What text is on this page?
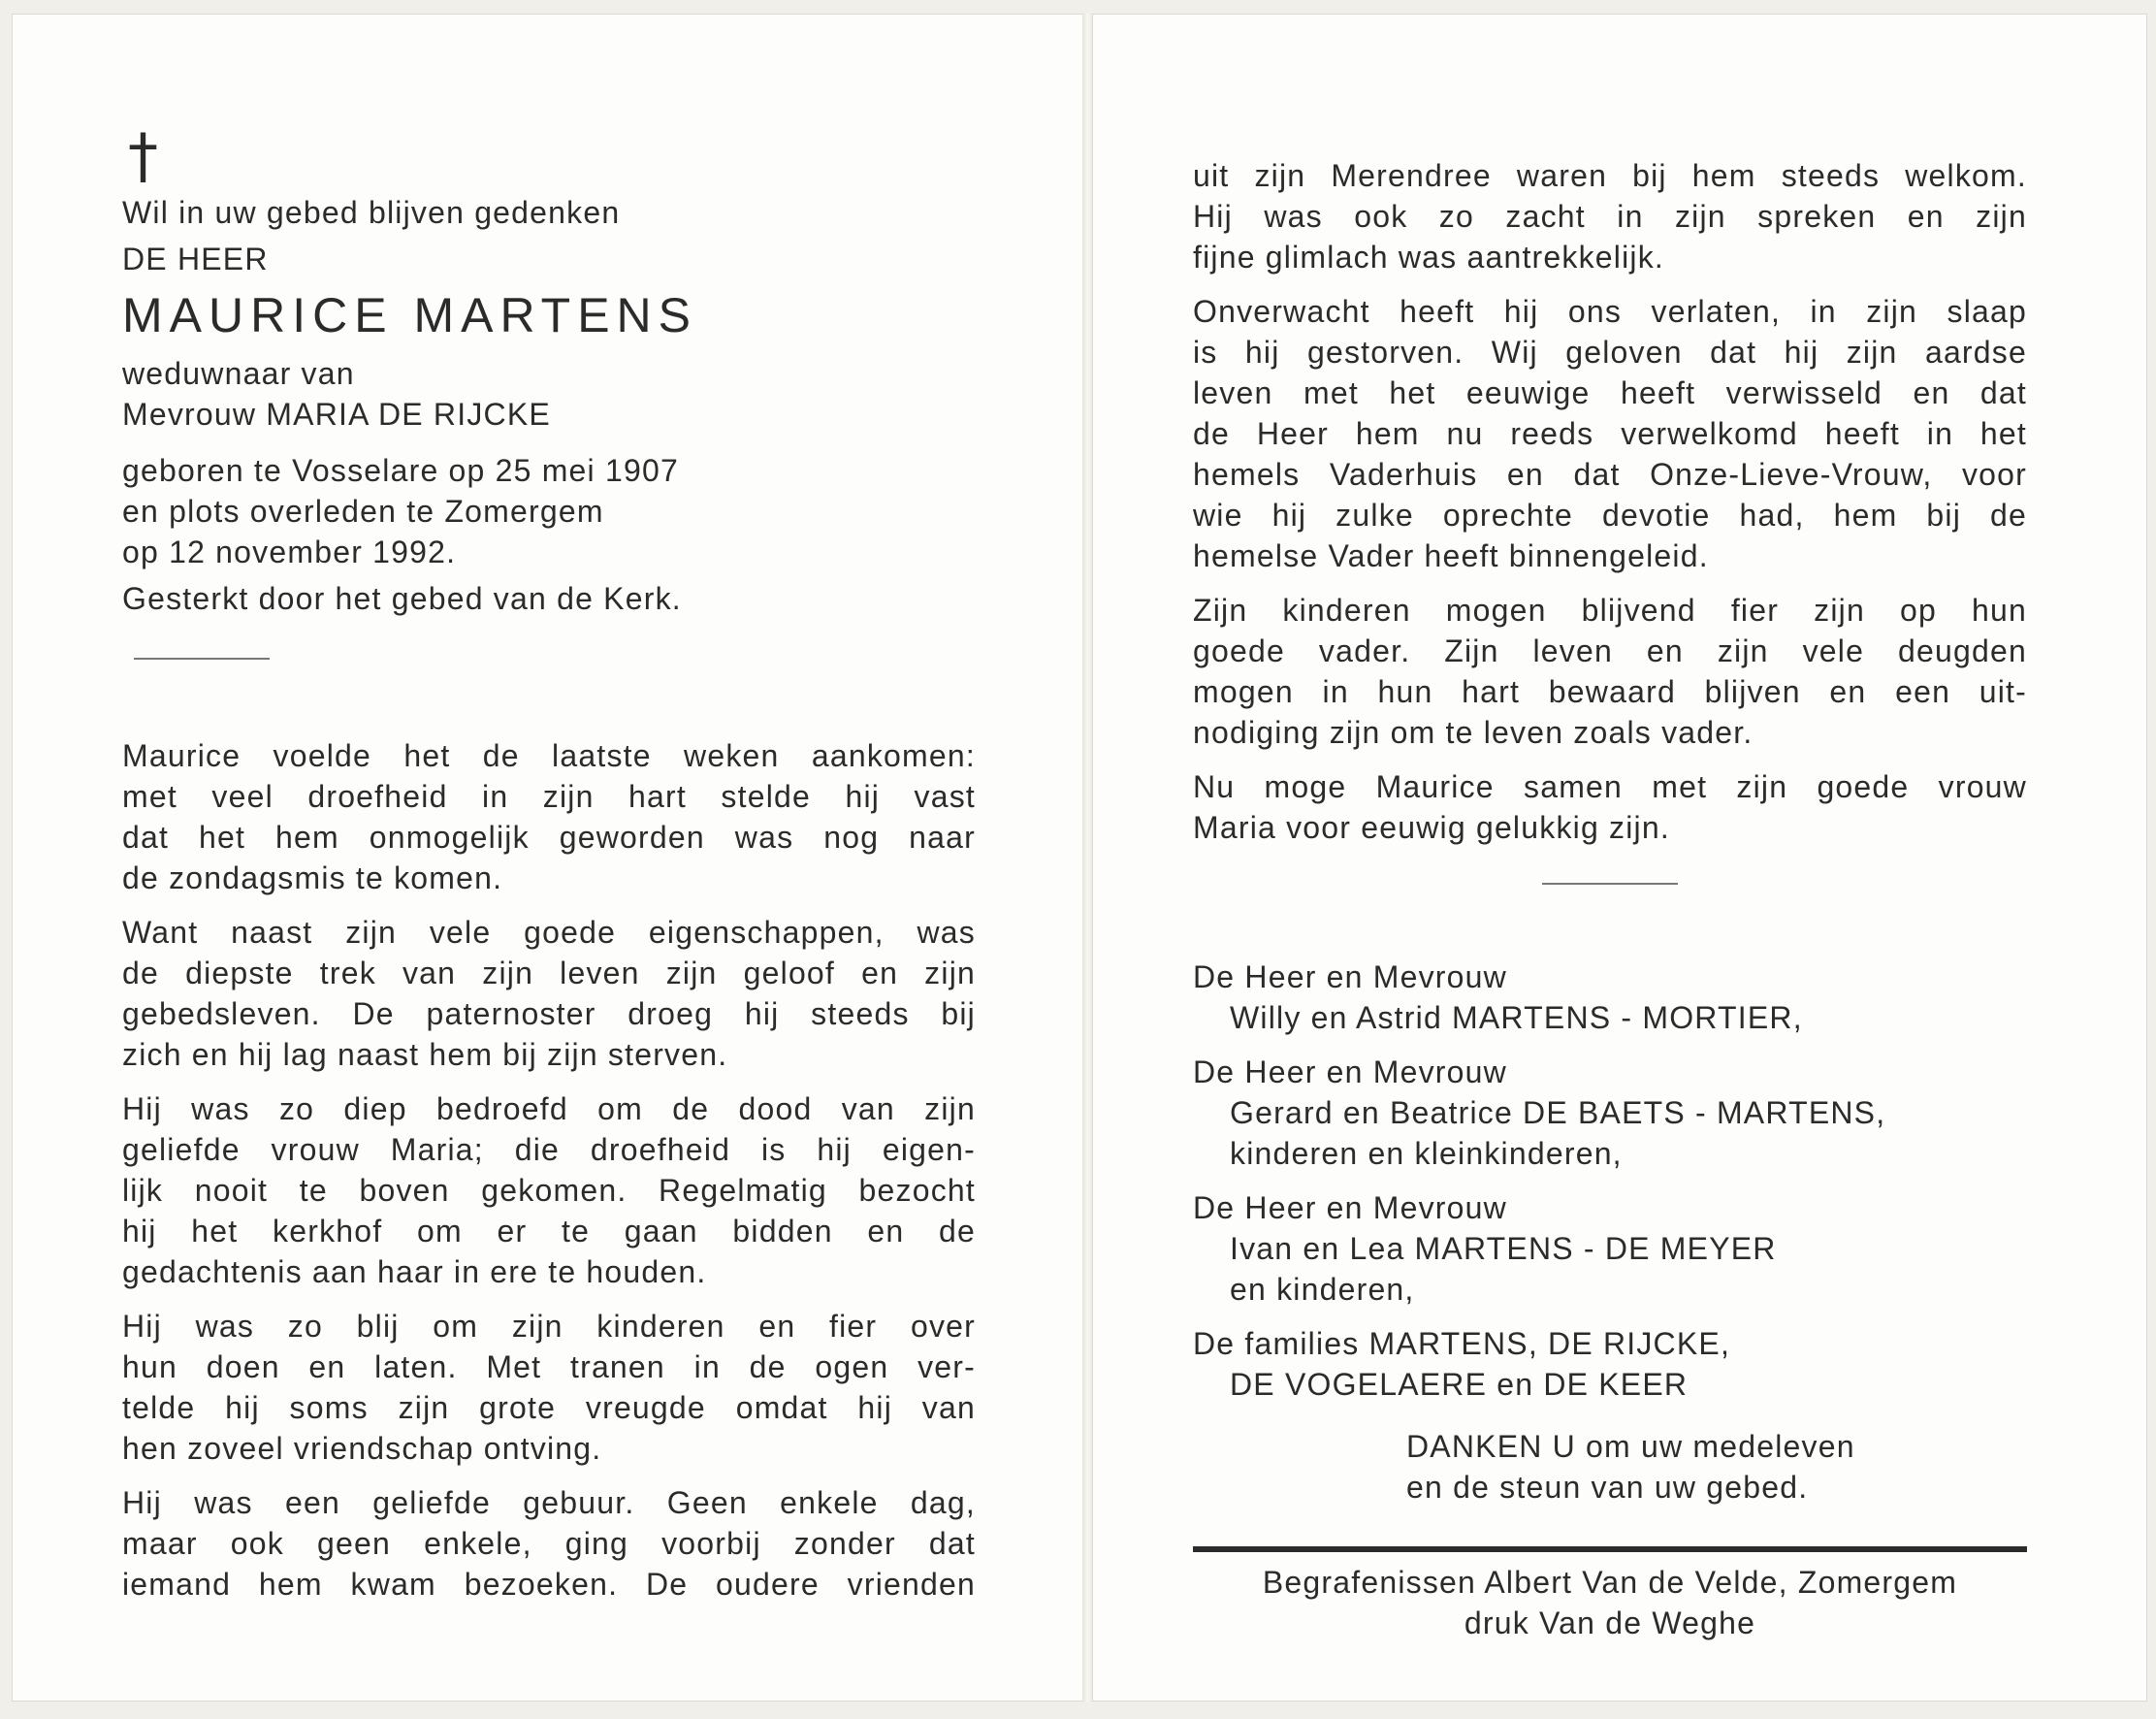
†
Wil in uw gebed blijven gedenken
DE HEER
MAURICE MARTENS
weduwnaar van
Mevrouw MARIA DE RIJCKE
geboren te Vosselare op 25 mei 1907
en plots overleden te Zomergem
op 12 november 1992.
Gesterkt door het gebed van de Kerk.
Maurice voelde het de laatste weken aankomen:
met veel droefheid in zijn hart stelde hij vast
dat het hem onmogelijk geworden was nog naar
de zondagsmis te komen.
Want naast zijn vele goede eigenschappen, was
de diepste trek van zijn leven zijn geloof en zijn
gebedsleven. De paternoster droeg hij steeds bij
zich en hij lag naast hem bij zijn sterven.
Hij was zo diep bedroefd om de dood van zijn
geliefde vrouw Maria; die droefheid is hij eigen-
lijk nooit te boven gekomen. Regelmatig bezocht
hij het kerkhof om er te gaan bidden en de
gedachtenis aan haar in ere te houden.
Hij was zo blij om zijn kinderen en fier over
hun doen en laten. Met tranen in de ogen ver-
telde hij soms zijn grote vreugde omdat hij van
hen zoveel vriendschap ontving.
Hij was een geliefde gebuur. Geen enkele dag,
maar ook geen enkele, ging voorbij zonder dat
iemand hem kwam bezoeken. De oudere vrienden
uit zijn Merendree waren bij hem steeds welkom.
Hij was ook zo zacht in zijn spreken en zijn
fijne glimlach was aantrekkelijk.
Onverwacht heeft hij ons verlaten, in zijn slaap
is hij gestorven. Wij geloven dat hij zijn aardse
leven met het eeuwige heeft verwisseld en dat
de Heer hem nu reeds verwelkomd heeft in het
hemels Vaderhuis en dat Onze-Lieve-Vrouw, voor
wie hij zulke oprechte devotie had, hem bij de
hemelse Vader heeft binnengeleid.
Zijn kinderen mogen blijvend fier zijn op hun
goede vader. Zijn leven en zijn vele deugden
mogen in hun hart bewaard blijven en een uit-
nodiging zijn om te leven zoals vader.
Nu moge Maurice samen met zijn goede vrouw
Maria voor eeuwig gelukkig zijn.
De Heer en Mevrouw
Willy en Astrid MARTENS - MORTIER,
De Heer en Mevrouw
Gerard en Beatrice DE BAETS - MARTENS,
kinderen en kleinkinderen,
De Heer en Mevrouw
Ivan en Lea MARTENS - DE MEYER
en kinderen,
De families MARTENS, DE RIJCKE,
DE VOGELAERE en DE KEER
DANKEN U om uw medeleven
en de steun van uw gebed.
Begrafenissen Albert Van de Velde, Zomergem
druk Van de Weghe
